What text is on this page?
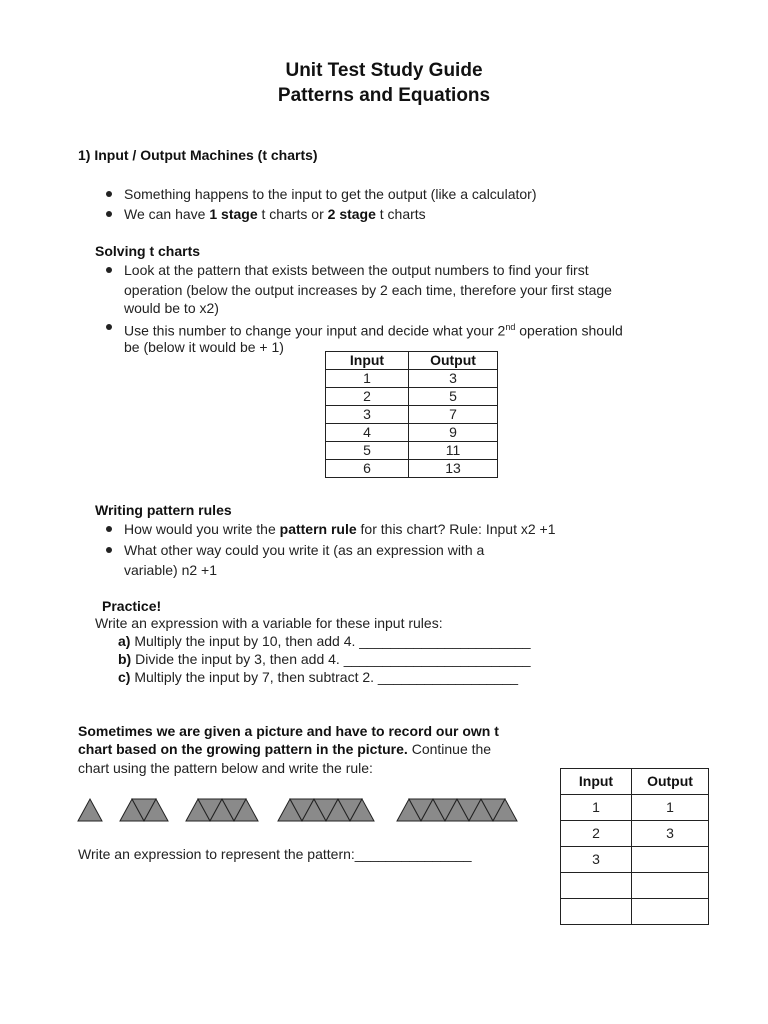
Unit Test Study Guide
Patterns and Equations
1) Input / Output Machines (t charts)
Something happens to the input to get the output (like a calculator)
We can have 1 stage t charts or 2 stage t charts
Solving t charts
Look at the pattern that exists between the output numbers to find your first
operation (below the output increases by 2 each time, therefore your first stage
would be to x2)
Use this number to change your input and decide what your 2nd operation should
be (below it would be + 1)
Input	Output
1	3
2	5
3	7
4	9
5	11
6	13
Writing pattern rules
How would you write the pattern rule for this chart? Rule: Input x2 +1
What other way could you write it (as an expression with a
variable) n2 +1
Practice!
Write an expression with a variable for these input rules:
a) Multiply the input by 10, then add 4. ______________________
b) Divide the input by 3, then add 4. ________________________
c) Multiply the input by 7, then subtract 2. __________________
Sometimes we are given a picture and have to record our own t
chart based on the growing pattern in the picture. Continue the
chart using the pattern below and write the rule:
Write an expression to represent the pattern:_______________
Input	Output
1	1
2	3
3	
